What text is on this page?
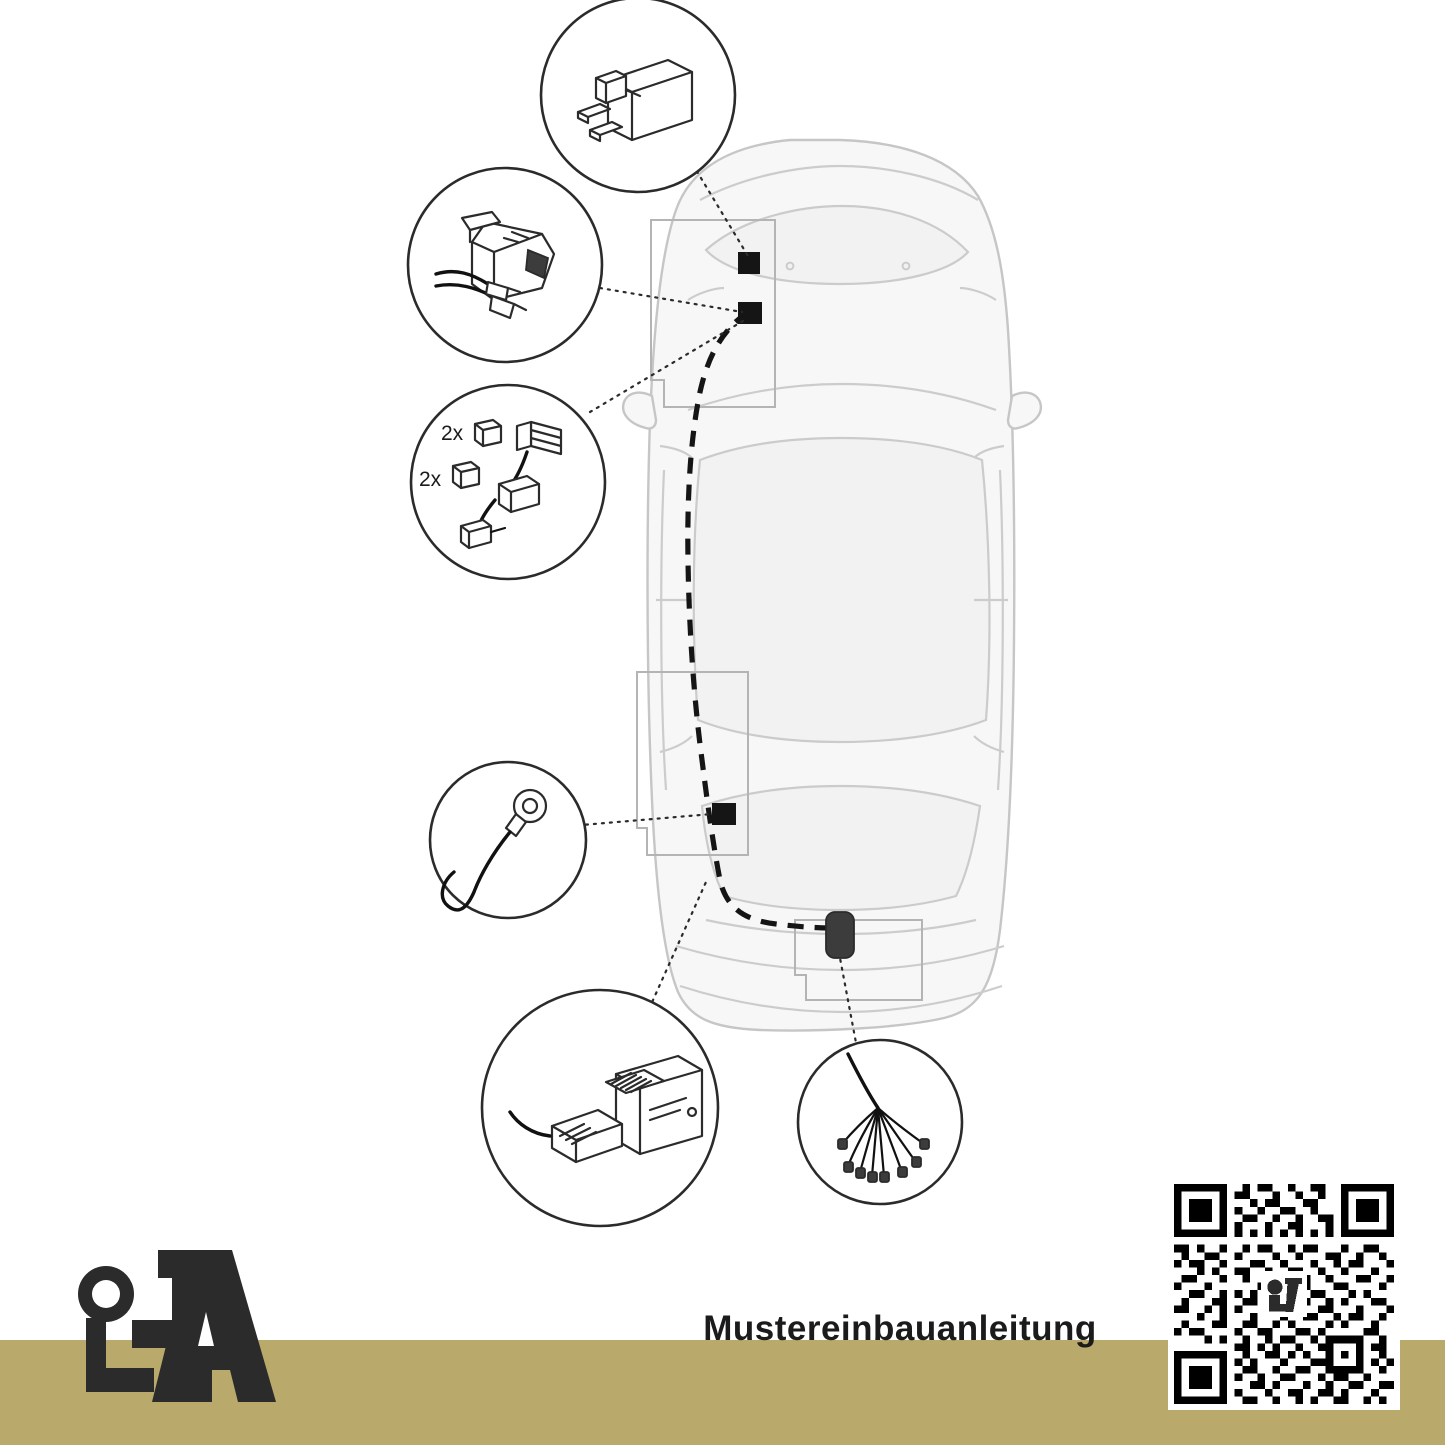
2x
2x
Mustereinbauanleitung
